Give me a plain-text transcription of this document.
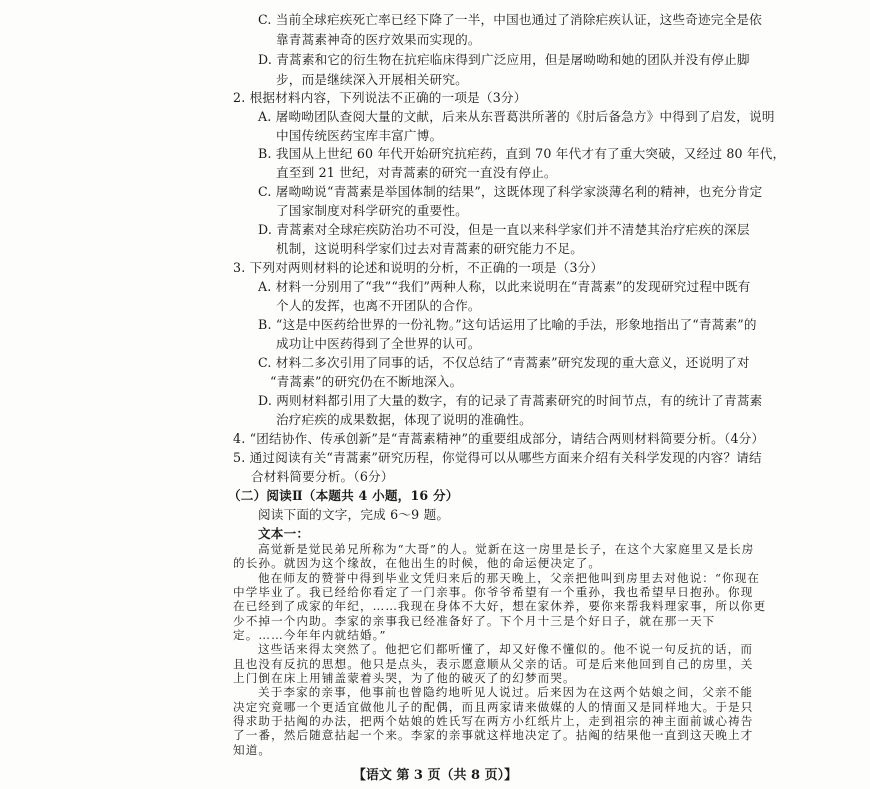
C. 当前全球疟疾死亡率已经下降了一半，中国也通过了消除疟疾认证，这些奇迹完全是依
靠青蒿素神奇的医疗效果而实现的。
D. 青蒿素和它的衍生物在抗疟临床得到广泛应用，但是屠呦呦和她的团队并没有停止脚
步，而是继续深入开展相关研究。
2. 根据材料内容，下列说法不正确的一项是（3分）
A. 屠呦呦团队查阅大量的文献，后来从东晋葛洪所著的《肘后备急方》中得到了启发，说明
中国传统医药宝库丰富广博。
B. 我国从上世纪 60 年代开始研究抗疟药，直到 70 年代才有了重大突破，又经过 80 年代，
直至到 21 世纪，对青蒿素的研究一直没有停止。
C. 屠呦呦说“青蒿素是举国体制的结果”，这既体现了科学家淡薄名利的精神，也充分肯定
了国家制度对科学研究的重要性。
D. 青蒿素对全球疟疾防治功不可没，但是一直以来科学家们并不清楚其治疗疟疾的深层
机制，这说明科学家们过去对青蒿素的研究能力不足。
3. 下列对两则材料的论述和说明的分析，不正确的一项是（3分）
A. 材料一分别用了“我”“我们”两种人称，以此来说明在“青蒿素”的发现研究过程中既有
个人的发挥，也离不开团队的合作。
B. “这是中医药给世界的一份礼物。”这句话运用了比喻的手法，形象地指出了“青蒿素”的
成功让中医药得到了全世界的认可。
C. 材料二多次引用了同事的话，不仅总结了“青蒿素”研究发现的重大意义，还说明了对
“青蒿素”的研究仍在不断地深入。
D. 两则材料都引用了大量的数字，有的记录了青蒿素研究的时间节点，有的统计了青蒿素
治疗疟疾的成果数据，体现了说明的准确性。
4. “团结协作、传承创新”是“青蒿素精神”的重要组成部分，请结合两则材料简要分析。（4分）
5. 通过阅读有关“青蒿素”研究历程，你觉得可以从哪些方面来介绍有关科学发现的内容？请结
合材料简要分析。（6分）
（二）阅读Ⅱ（本题共 4 小题，16 分）
阅读下面的文字，完成 6～9 题。
文本一：
高觉新是觉民弟兄所称为“大哥”的人。觉新在这一房里是长子，在这个大家庭里又是长房
的长孙。就因为这个缘故，在他出生的时候，他的命运便决定了。
他在师友的赞誉中得到毕业文凭归来后的那天晚上，父亲把他叫到房里去对他说：“你现在
中学毕业了。我已经给你看定了一门亲事。你爷爷希望有一个重孙，我也希望早日抱孙。你现
在已经到了成家的年纪，……我现在身体不大好，想在家休养，要你来帮我料理家事，所以你更
少不掉一个内助。李家的亲事我已经准备好了。下个月十三是个好日子，就在那一天下
定。……今年年内就结婚。”
这些话来得太突然了。他把它们都听懂了，却又好像不懂似的。他不说一句反抗的话，而
且也没有反抗的思想。他只是点头，表示愿意顺从父亲的话。可是后来他回到自己的房里，关
上门倒在床上用铺盖蒙着头哭，为了他的破灭了的幻梦而哭。
关于李家的亲事，他事前也曾隐约地听见人说过。后来因为在这两个姑娘之间，父亲不能
决定究竟哪一个更适宜做他儿子的配偶，而且两家请来做媒的人的情面又是同样地大。于是只
得求助于拈阄的办法，把两个姑娘的姓氏写在两方小红纸片上，走到祖宗的神主面前诚心祷告
了一番，然后随意拈起一个来。李家的亲事就这样地决定了。拈阄的结果他一直到这天晚上才
知道。
【语文 第 3 页（共 8 页）】
